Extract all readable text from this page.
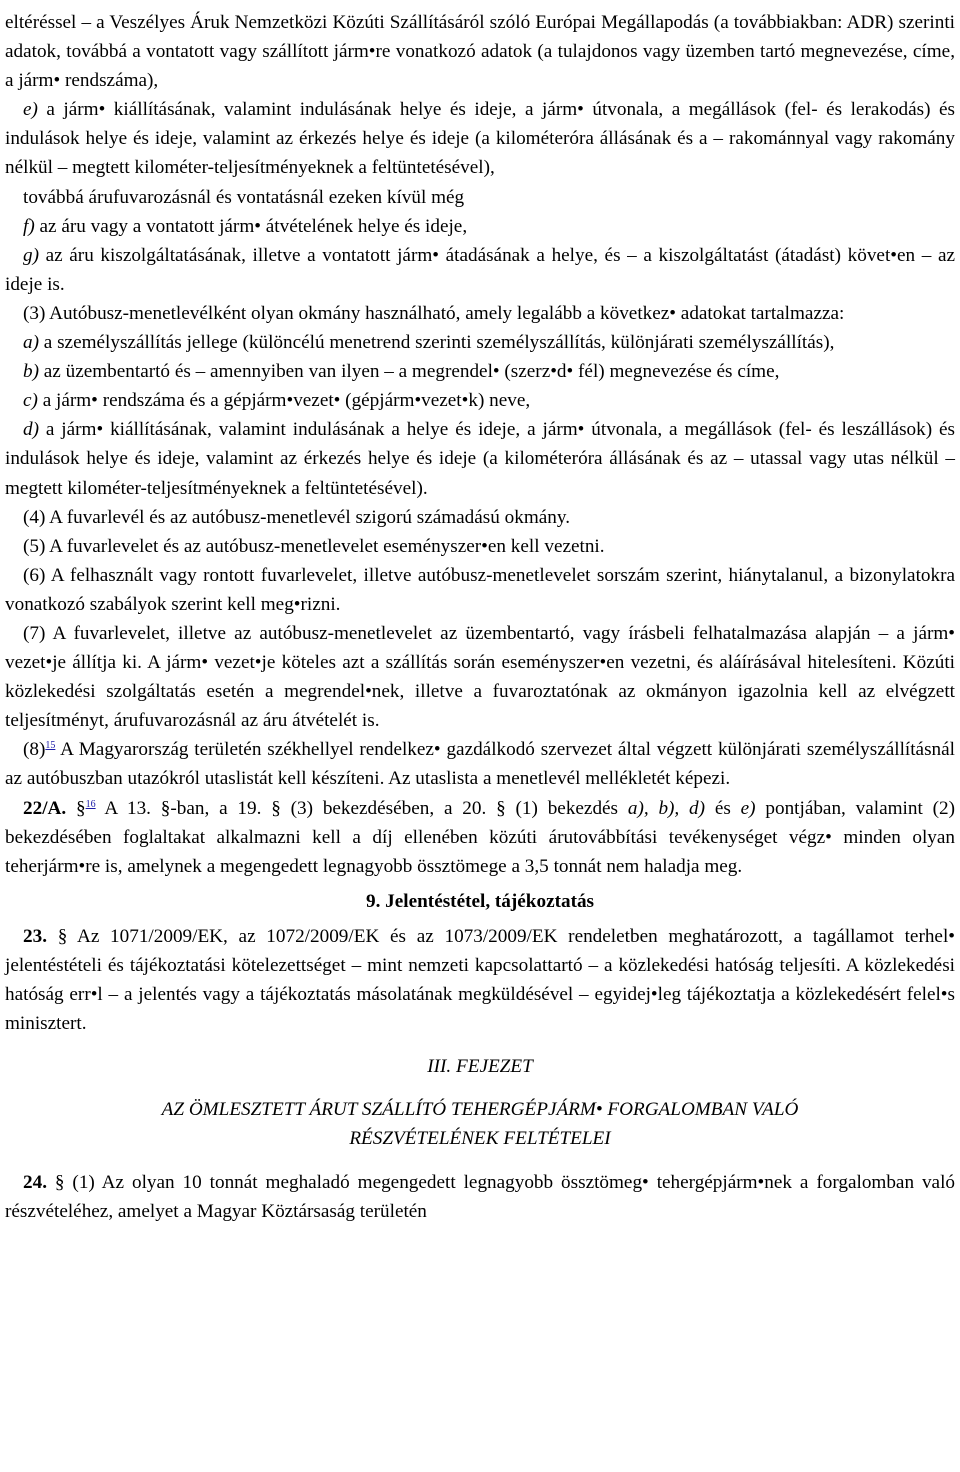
eltéréssel – a Veszélyes Áruk Nemzetközi Közúti Szállításáról szóló Európai Megállapodás (a továbbiakban: ADR) szerinti adatok, továbbá a vontatott vagy szállított járm•re vonatkozó adatok (a tulajdonos vagy üzemben tartó megnevezése, címe, a járm• rendszáma),

e) a járm• kiállításának, valamint indulásának helye és ideje, a járm• útvonala, a megállások (fel- és lerakodás) és indulások helye és ideje, valamint az érkezés helye és ideje (a kilométeróra állásának és a – rakománnyal vagy rakomány nélkül – megtett kilométer-teljesítményeknek a feltüntetésével),

továbbá árufuvarozásnál és vontatásnál ezeken kívül még

f) az áru vagy a vontatott járm• átvételének helye és ideje,

g) az áru kiszolgáltatásának, illetve a vontatott járm• átadásának a helye, és – a kiszolgáltatást (átadást) követ•en – az ideje is.

(3) Autóbusz-menetlevélként olyan okmány használható, amely legalább a következ• adatokat tartalmazza:

a) a személyszállítás jellege (különcélú menetrend szerinti személyszállítás, különjárati személyszállítás),

b) az üzembentartó és – amennyiben van ilyen – a megrendel• (szerz•d• fél) megnevezése és címe,

c) a járm• rendszáma és a gépjárm•vezet• (gépjárm•vezet•k) neve,

d) a járm• kiállításának, valamint indulásának a helye és ideje, a járm• útvonala, a megállások (fel- és leszállások) és indulások helye és ideje, valamint az érkezés helye és ideje (a kilométeróra állásának és az – utassal vagy utas nélkül – megtett kilométer-teljesítményeknek a feltüntetésével).

(4) A fuvarlevél és az autóbusz-menetlevél szigorú számadású okmány.

(5) A fuvarlevelet és az autóbusz-menetlevelet eseményszer•en kell vezetni.

(6) A felhasznált vagy rontott fuvarlevelet, illetve autóbusz-menetlevelet sorszám szerint, hiánytalanul, a bizonylatokra vonatkozó szabályok szerint kell meg•rizni.

(7) A fuvarlevelet, illetve az autóbusz-menetlevelet az üzembentartó, vagy írásbeli felhatalmazása alapján – a járm• vezet•je állítja ki. A járm• vezet•je köteles azt a szállítás során eseményszer•en vezetni, és aláírásával hitelesíteni. Közúti közlekedési szolgáltatás esetén a megrendel•nek, illetve a fuvaroztatónak az okmányon igazolnia kell az elvégzett teljesítményt, árufuvarozásnál az áru átvételét is.

(8)$^{15}$ A Magyarország területén székhellyel rendelkez• gazdálkodó szervezet által végzett különjárati személyszállításnál az autóbuszban utazókról utaslistát kell készíteni. Az utaslista a menetlevél mellékletét képezi.

22/A. §$^{16}$ A 13. §-ban, a 19. § (3) bekezdésében, a 20. § (1) bekezdés a), b), d) és e) pontjában, valamint (2) bekezdésében foglaltakat alkalmazni kell a díj ellenében közúti árutovábbítási tevékenységet végz• minden olyan teherjárm•re is, amelynek a megengedett legnagyobb össztömege a 3,5 tonnát nem haladja meg.

9. Jelentéstétel, tájékoztatás

23. § Az 1071/2009/EK, az 1072/2009/EK és az 1073/2009/EK rendeletben meghatározott, a tagállamot terhel• jelentéstételi és tájékoztatási kötelezettséget – mint nemzeti kapcsolattartó – a közlekedési hatóság teljesíti. A közlekedési hatóság err•l – a jelentés vagy a tájékoztatás másolatának megküldésével – egyidej•leg tájékoztatja a közlekedésért felel•s minisztert.

III. FEJEZET

AZ ÖMLESZTETT ÁRUT SZÁLLÍTÓ TEHERGÉPJÁRM• FORGALOMBAN VALÓ

RÉSZVÉTELÉNEK FELTÉTELEI

24. § (1) Az olyan 10 tonnát meghaladó megengedett legnagyobb össztömeg• tehergépjárm•nek a forgalomban való részvételéhez, amelyet a Magyar Köztársaság területén
